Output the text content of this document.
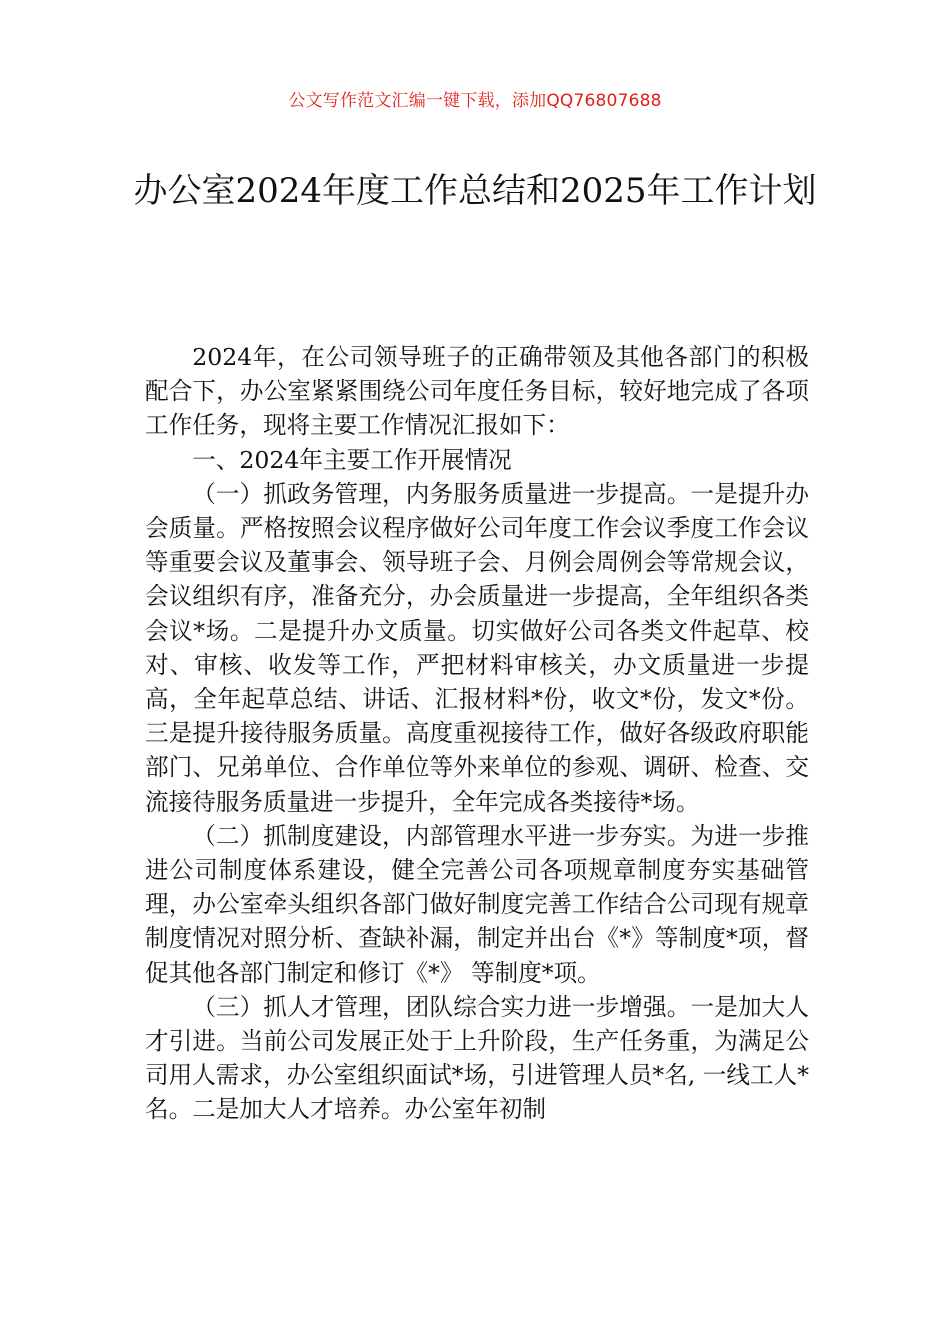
公文写作范文汇编一键下载，添加QQ76807688
办公室2024年度工作总结和2025年工作计划

2024年，在公司领导班子的正确带领及其他各部门的积极配合下，办公室紧紧围绕公司年度任务目标，较好地完成了各项工作任务，现将主要工作情况汇报如下：

一、2024年主要工作开展情况

（一）抓政务管理，内务服务质量进一步提高。一是提升办会质量。严格按照会议程序做好公司年度工作会议季度工作会议等重要会议及董事会、领导班子会、月例会周例会等常规会议，会议组织有序，准备充分，办会质量进一步提高，全年组织各类会议*场。二是提升办文质量。切实做好公司各类文件起草、校对、审核、收发等工作，严把材料审核关，办文质量进一步提高，全年起草总结、讲话、汇报材料*份，收文*份，发文*份。三是提升接待服务质量。高度重视接待工作，做好各级政府职能部门、兄弟单位、合作单位等外来单位的参观、调研、检查、交流接待服务质量进一步提升，全年完成各类接待*场。

（二）抓制度建设，内部管理水平进一步夯实。为进一步推进公司制度体系建设，健全完善公司各项规章制度夯实基础管理，办公室牵头组织各部门做好制度完善工作结合公司现有规章制度情况对照分析、查缺补漏，制定并出台《*》等制度*项，督促其他各部门制定和修订《*》 等制度*项。

（三）抓人才管理，团队综合实力进一步增强。一是加大人才引进。当前公司发展正处于上升阶段，生产任务重，为满足公司用人需求，办公室组织面试*场，引进管理人员*名, 一线工人*名。二是加大人才培养。办公室年初制
